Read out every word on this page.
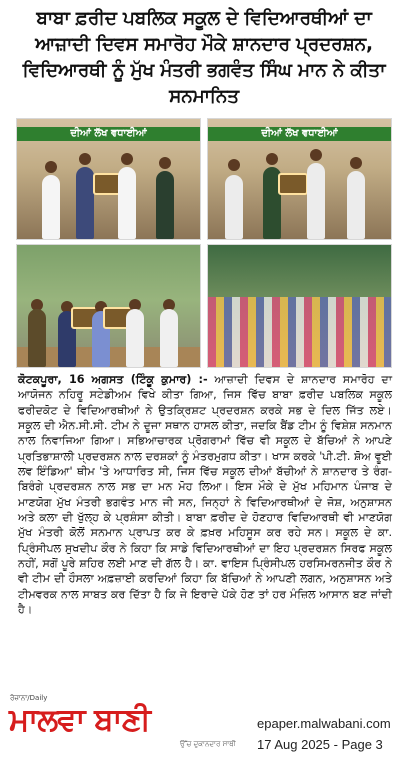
ਬਾਬਾ ਫ਼ਰੀਦ ਪਬਲਿਕ ਸਕੂਲ ਦੇ ਵਿਦਿਆਰਥੀਆਂ ਦਾ ਆਜ਼ਾਦੀ ਦਿਵਸ ਸਮਾਰੋਹ ਮੌਕੇ ਸ਼ਾਨਦਾਰ ਪ੍ਰਦਰਸ਼ਨ, ਵਿਦਿਆਰਥੀ ਨੂੰ ਮੁੱਖ ਮੰਤਰੀ ਭਗਵੰਤ ਸਿੰਘ ਮਾਨ ਨੇ ਕੀਤਾ ਸਨਮਾਨਿਤ
ਦੀਆਂ ਲੱਖ ਵਧਾਈਆਂ	ਦੀਆਂ ਲੱਖ ਵਧਾਈਆਂ
ਕੋਟਕਪੂਰਾ, 16 ਅਗਸਤ (ਟਿੰਕੂ ਕੁਮਾਰ) :- ਆਜ਼ਾਦੀ ਦਿਵਸ ਦੇ ਸ਼ਾਨਦਾਰ ਸਮਾਰੋਹ ਦਾ ਆਯੋਜਨ ਨਹਿਰੂ ਸਟੇਡੀਅਮ ਵਿਖੇ ਕੀਤਾ ਗਿਆ, ਜਿਸ ਵਿੱਚ ਬਾਬਾ ਫ਼ਰੀਦ ਪਬਲਿਕ ਸਕੂਲ ਫਰੀਦਕੋਟ ਦੇ ਵਿਦਿਆਰਥੀਆਂ ਨੇ ਉਤਕ੍ਰਿਸ਼ਟ ਪ੍ਰਦਰਸ਼ਨ ਕਰਕੇ ਸਭ ਦੇ ਦਿਲ ਜਿੱਤ ਲਏ। ਸਕੂਲ ਦੀ ਐਨ.ਸੀ.ਸੀ. ਟੀਮ ਨੇ ਦੂਜਾ ਸਥਾਨ ਹਾਸਲ ਕੀਤਾ, ਜਦਕਿ ਬੈਂਡ ਟੀਮ ਨੂੰ ਵਿਸ਼ੇਸ਼ ਸਨਮਾਨ ਨਾਲ ਨਿਵਾਜਿਆ ਗਿਆ। ਸਭਿਆਚਾਰਕ ਪ੍ਰੋਗਰਾਮਾਂ ਵਿੱਚ ਵੀ ਸਕੂਲ ਦੇ ਬੱਚਿਆਂ ਨੇ ਆਪਣੇ ਪ੍ਰਤਿਭਾਸ਼ਾਲੀ ਪ੍ਰਦਰਸ਼ਨ ਨਾਲ ਦਰਸ਼ਕਾਂ ਨੂੰ ਮੰਤਰਮੁਗਧ ਕੀਤਾ। ਖਾਸ ਕਰਕੇ 'ਪੀ.ਟੀ. ਸ਼ੋਅ ਵੂਈ ਲਵ ਇੰਡਿਆ' ਥੀਮ 'ਤੇ ਆਧਾਰਿਤ ਸੀ, ਜਿਸ ਵਿੱਚ ਸਕੂਲ ਦੀਆਂ ਬੱਚੀਆਂ ਨੇ ਸ਼ਾਨਦਾਰ ਤੇ ਰੰਗ-ਬਿਰੰਗੇ ਪ੍ਰਦਰਸ਼ਨ ਨਾਲ ਸਭ ਦਾ ਮਨ ਮੋਹ ਲਿਆ। ਇਸ ਮੌਕੇ ਦੇ ਮੁੱਖ ਮਹਿਮਾਨ ਪੰਜਾਬ ਦੇ ਮਾਣਯੋਗ ਮੁੱਖ ਮੰਤਰੀ ਭਗਵੰਤ ਮਾਨ ਜੀ ਸਨ, ਜਿਨ੍ਹਾਂ ਨੇ ਵਿਦਿਆਰਥੀਆਂ ਦੇ ਜੋਸ਼, ਅਨੁਸ਼ਾਸਨ ਅਤੇ ਕਲਾ ਦੀ ਖੁੱਲ੍ਹ ਕੇ ਪ੍ਰਸ਼ੰਸਾ ਕੀਤੀ। ਬਾਬਾ ਫ਼ਰੀਦ ਦੇ ਹੋਣਹਾਰ ਵਿਦਿਆਰਥੀ ਵੀ ਮਾਣਯੋਗ ਮੁੱਖ ਮੰਤਰੀ ਕੋਲੋਂ ਸਨਮਾਨ ਪ੍ਰਾਪਤ ਕਰ ਕੇ ਫ਼ਖ਼ਰ ਮਹਿਸੂਸ ਕਰ ਰਹੇ ਸਨ। ਸਕੂਲ ਦੇ ਕਾ. ਪ੍ਰਿੰਸੀਪਲ ਸੁਖਦੀਪ ਕੌਰ ਨੇ ਕਿਹਾ ਕਿ ਸਾਡੇ ਵਿਦਿਆਰਥੀਆਂ ਦਾ ਇਹ ਪ੍ਰਦਰਸ਼ਨ ਸਿਰਫ ਸਕੂਲ ਨਹੀਂ, ਸਗੋਂ ਪੂਰੇ ਸ਼ਹਿਰ ਲਈ ਮਾਣ ਦੀ ਗੱਲ ਹੈ। ਕਾ. ਵਾਇਸ ਪ੍ਰਿੰਸੀਪਲ ਹਰਸਿਮਰਨਜੀਤ ਕੌਰ ਨੇ ਵੀ ਟੀਮ ਦੀ ਹੌਸਲਾ ਅਫ਼ਜ਼ਾਈ ਕਰਦਿਆਂ ਕਿਹਾ ਕਿ ਬੱਚਿਆਂ ਨੇ ਆਪਣੀ ਲਗਨ, ਅਨੁਸ਼ਾਸਨ ਅਤੇ ਟੀਮਵਰਕ ਨਾਲ ਸਾਬਤ ਕਰ ਦਿੱਤਾ ਹੈ ਕਿ ਜੇ ਇਰਾਦੇ ਪੱਕੇ ਹੋਣ ਤਾਂ ਹਰ ਮੰਜ਼ਿਲ ਆਸਾਨ ਬਣ ਜਾਂਦੀ ਹੈ।
ਰੋਜ਼ਾਨਾ/Daily
ਮਾਲਵਾ ਬਾਣੀ
ਉੱਚ ਦੁਕਾਨਦਾਰ ਸਾਥੀ
epaper.malwabani.com
17 Aug 2025 - Page 3
